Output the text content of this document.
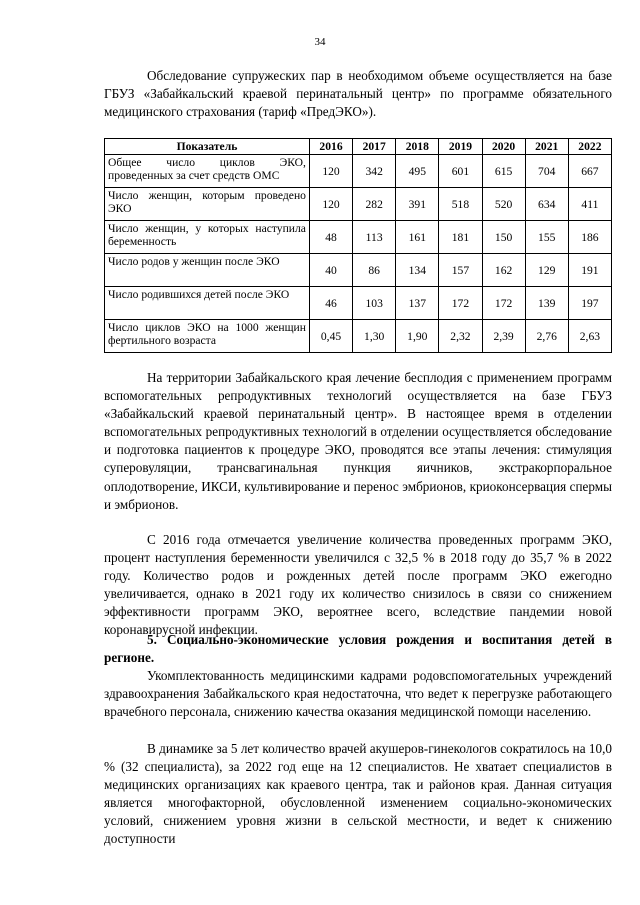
34

Обследование супружеских пар в необходимом объеме осуществляется на базе ГБУЗ «Забайкальский краевой перинатальный центр» по программе обязательного медицинского страхования (тариф «ПредЭКО»).

Показатель	2016	2017	2018	2019	2020	2021	2022
Общее число циклов ЭКО, проведенных за счет средств ОМС	120	342	495	601	615	704	667
Число женщин, которым проведено ЭКО	120	282	391	518	520	634	411
Число женщин, у которых наступила беременность	48	113	161	181	150	155	186
Число родов у женщин после ЭКО	40	86	134	157	162	129	191
Число родившихся детей после ЭКО	46	103	137	172	172	139	197
Число циклов ЭКО на 1000 женщин фертильного возраста	0,45	1,30	1,90	2,32	2,39	2,76	2,63

На территории Забайкальского края лечение бесплодия с применением программ вспомогательных репродуктивных технологий осуществляется на базе ГБУЗ «Забайкальский краевой перинатальный центр». В настоящее время в отделении вспомогательных репродуктивных технологий в отделении осуществляется обследование и подготовка пациентов к процедуре ЭКО, проводятся все этапы лечения: стимуляция суперовуляции, трансвагинальная пункция яичников, экстракорпоральное оплодотворение, ИКСИ, культивирование и перенос эмбрионов, криоконсервация спермы и эмбрионов.

С 2016 года отмечается увеличение количества проведенных программ ЭКО, процент наступления беременности увеличился с 32,5 % в 2018 году до 35,7 % в 2022 году. Количество родов и рожденных детей после программ ЭКО ежегодно увеличивается, однако в 2021 году их количество снизилось в связи со снижением эффективности программ ЭКО, вероятнее всего, вследствие пандемии новой коронавирусной инфекции.

5. Социально-экономические условия рождения и воспитания детей в регионе.

Укомплектованность медицинскими кадрами родовспомогательных учреждений здравоохранения Забайкальского края недостаточна, что ведет к перегрузке работающего врачебного персонала, снижению качества оказания медицинской помощи населению.

В динамике за 5 лет количество врачей акушеров-гинекологов сократилось на 10,0 % (32 специалиста), за 2022 год еще на 12 специалистов. Не хватает специалистов в медицинских организациях как краевого центра, так и районов края. Данная ситуация является многофакторной, обусловленной изменением социально-экономических условий, снижением уровня жизни в сельской местности, и ведет к снижению доступности
